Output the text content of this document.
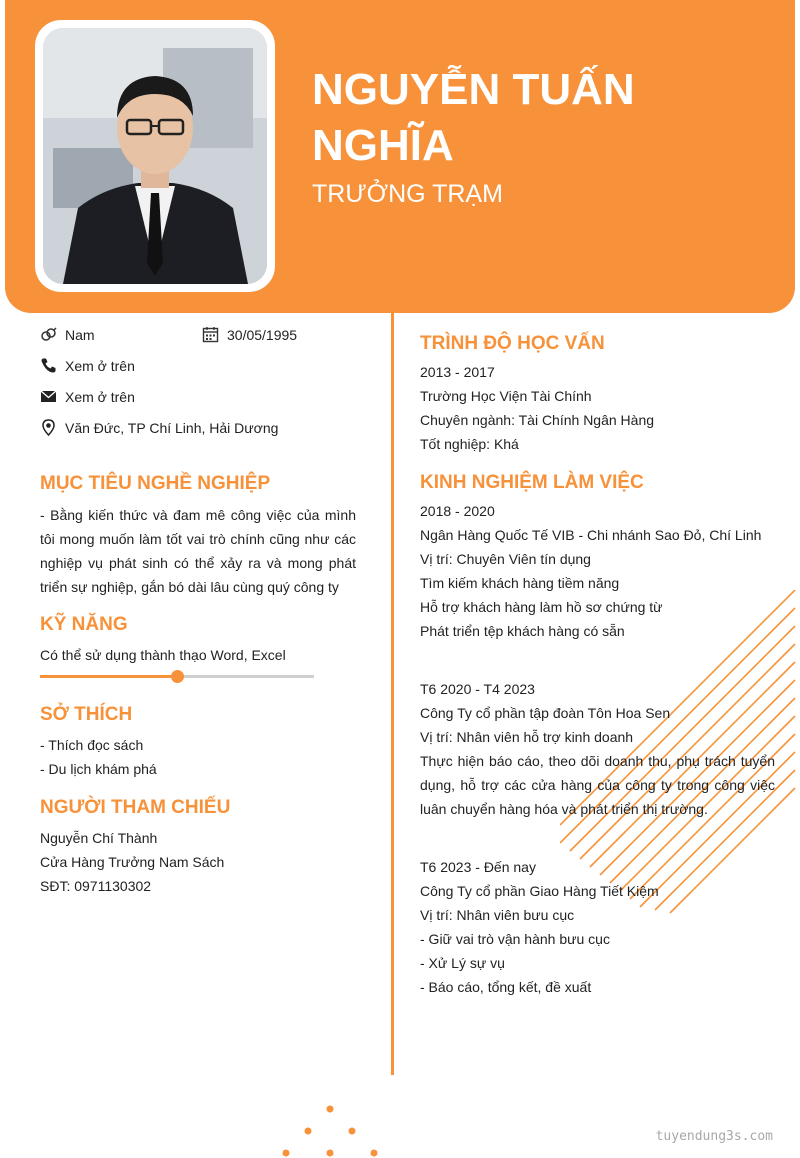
NGUYỄN TUẤN NGHĨA
TRƯỞNG TRẠM
Nam	30/05/1995
Xem ở trên
Xem ở trên
Văn Đức, TP Chí Linh, Hải Dương
MỤC TIÊU NGHỀ NGHIỆP
- Bằng kiến thức và đam mê công việc của mình tôi mong muốn làm tốt vai trò chính cũng như các nghiệp vụ phát sinh có thể xảy ra và mong phát triển sự nghiệp, gắn bó dài lâu cùng quý công ty
KỸ NĂNG
Có thể sử dụng thành thạo Word, Excel
SỞ THÍCH
- Thích đọc sách
- Du lịch khám phá
NGƯỜI THAM CHIẾU
Nguyễn Chí Thành
Cửa Hàng Trưởng Nam Sách
SĐT: 0971130302
TRÌNH ĐỘ HỌC VẤN
2013 - 2017
Trường Học Viện Tài Chính
Chuyên ngành: Tài Chính Ngân Hàng
Tốt nghiệp: Khá
KINH NGHIỆM LÀM VIỆC
2018 - 2020
Ngân Hàng Quốc Tế VIB - Chi nhánh Sao Đỏ, Chí Linh
Vị trí: Chuyên Viên tín dụng
Tìm kiếm khách hàng tiềm năng
Hỗ trợ khách hàng làm hồ sơ chứng từ
Phát triển tệp khách hàng có sẵn
T6 2020 - T4 2023
Công Ty cổ phần tập đoàn Tôn Hoa Sen
Vị trí: Nhân viên hỗ trợ kinh doanh
Thực hiện báo cáo, theo dõi doanh thu, phụ trách tuyển dụng, hỗ trợ các cửa hàng của công ty trong công việc luân chuyển hàng hóa và phát triển thị trường.
T6 2023 - Đến nay
Công Ty cổ phần Giao Hàng Tiết Kiệm
Vị trí: Nhân viên bưu cục
- Giữ vai trò vận hành bưu cục
- Xử Lý sự vụ
- Báo cáo, tổng kết, đề xuất
tuyendung3s.com
